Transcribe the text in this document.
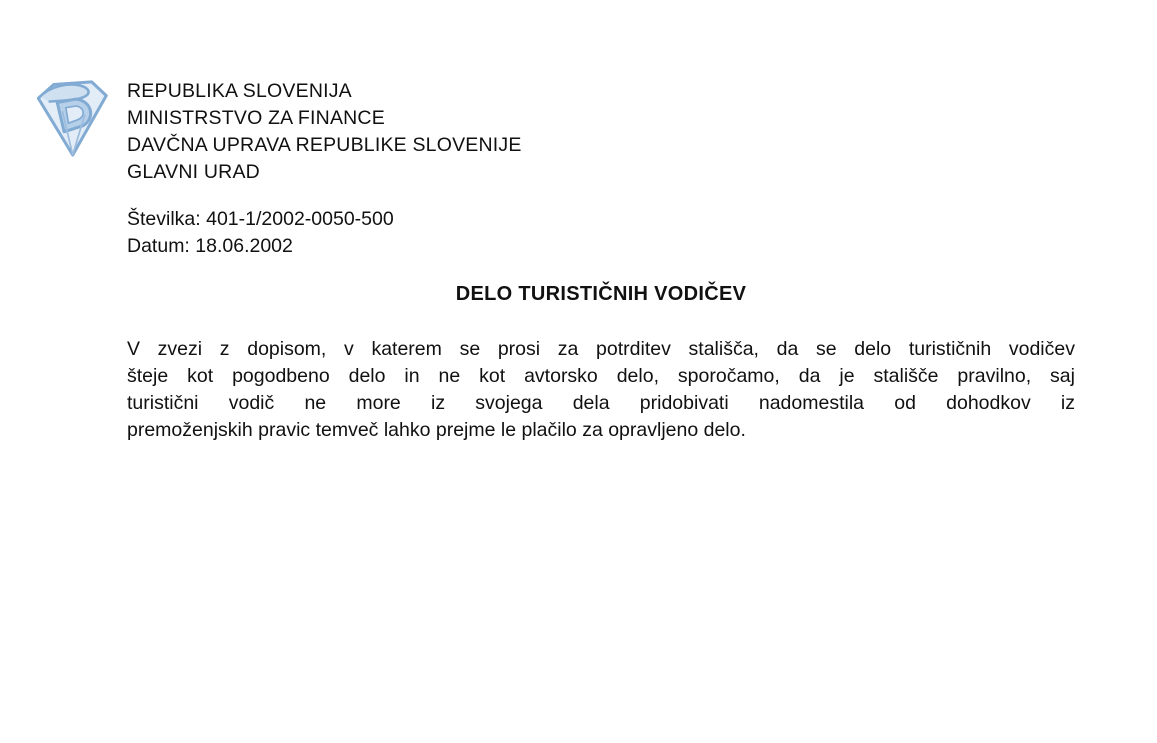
REPUBLIKA SLOVENIJA
MINISTRSTVO ZA FINANCE
DAVČNA UPRAVA REPUBLIKE SLOVENIJE
GLAVNI URAD
Številka: 401-1/2002-0050-500
Datum: 18.06.2002
DELO TURISTIČNIH VODIČEV
V zvezi z dopisom, v katerem se prosi za potrditev stališča, da se delo turističnih vodičev
šteje kot pogodbeno delo in ne kot avtorsko delo, sporočamo, da je stališče pravilno, saj
turistični vodič ne more iz svojega dela pridobivati nadomestila od dohodkov iz
premoženjskih pravic temveč lahko prejme le plačilo za opravljeno delo.
